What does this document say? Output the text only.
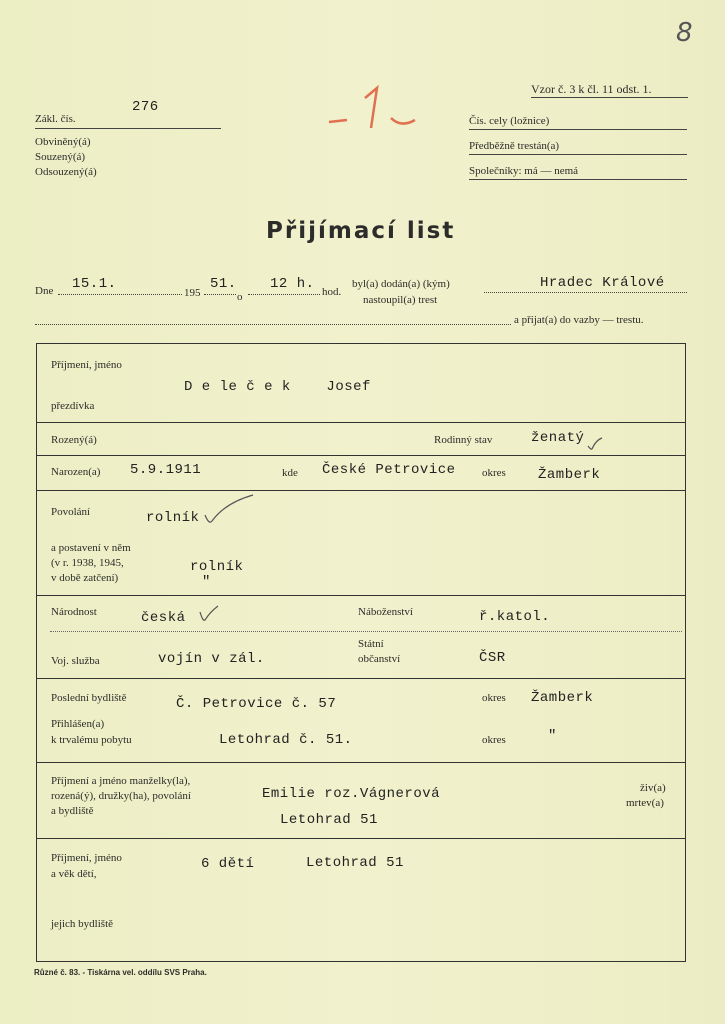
8
Vzor č. 3 k čl. 11 odst. 1.
Zákl. čís.
276
Obviněný(á)
Souzený(á)
Odsouzený(á)
Čís. cely (ložnice)
Předběžně trestán(a)
Společníky: má — nemá
Přijímací list
Dne 15.1.
195
51.
o
12 h. hod.
byl(a) dodán(a) (kým)
nastoupil(a) trest
Hradec Králové
a přijat(a) do vazby — trestu.
Příjmení, jméno
D e le č e k    Josef
přezdívka
Rozený(á)	Rodinný stav	ženatý
Narozen(a) 5.9.1911	kde České Petrovice okres Žamberk
Povolání	rolník
a postavení v něm
(v r. 1938, 1945,
v době zatčení)
rolník
"
Národnost	česká	Náboženství	ř.katol.
Voj. služba	vojín v zál.
Státní
občanství	ČSR
Poslední bydliště	Č. Petrovice č. 57	okres Žamberk
Přihlášen(a)
k trvalému pobytu	Letohrad č. 51.	okres	"
Příjmení a jméno manželky(la),
rozená(ý), družky(ha), povolání
a bydliště
Emilie roz.Vágnerová
Letohrad 51
živ(a)
mrtev(a)
Příjmení, jméno
a věk dětí,
6 dětí	Letohrad 51
jejich bydliště
Různé č. 83. - Tiskárna vel. oddílu SVS Praha.
